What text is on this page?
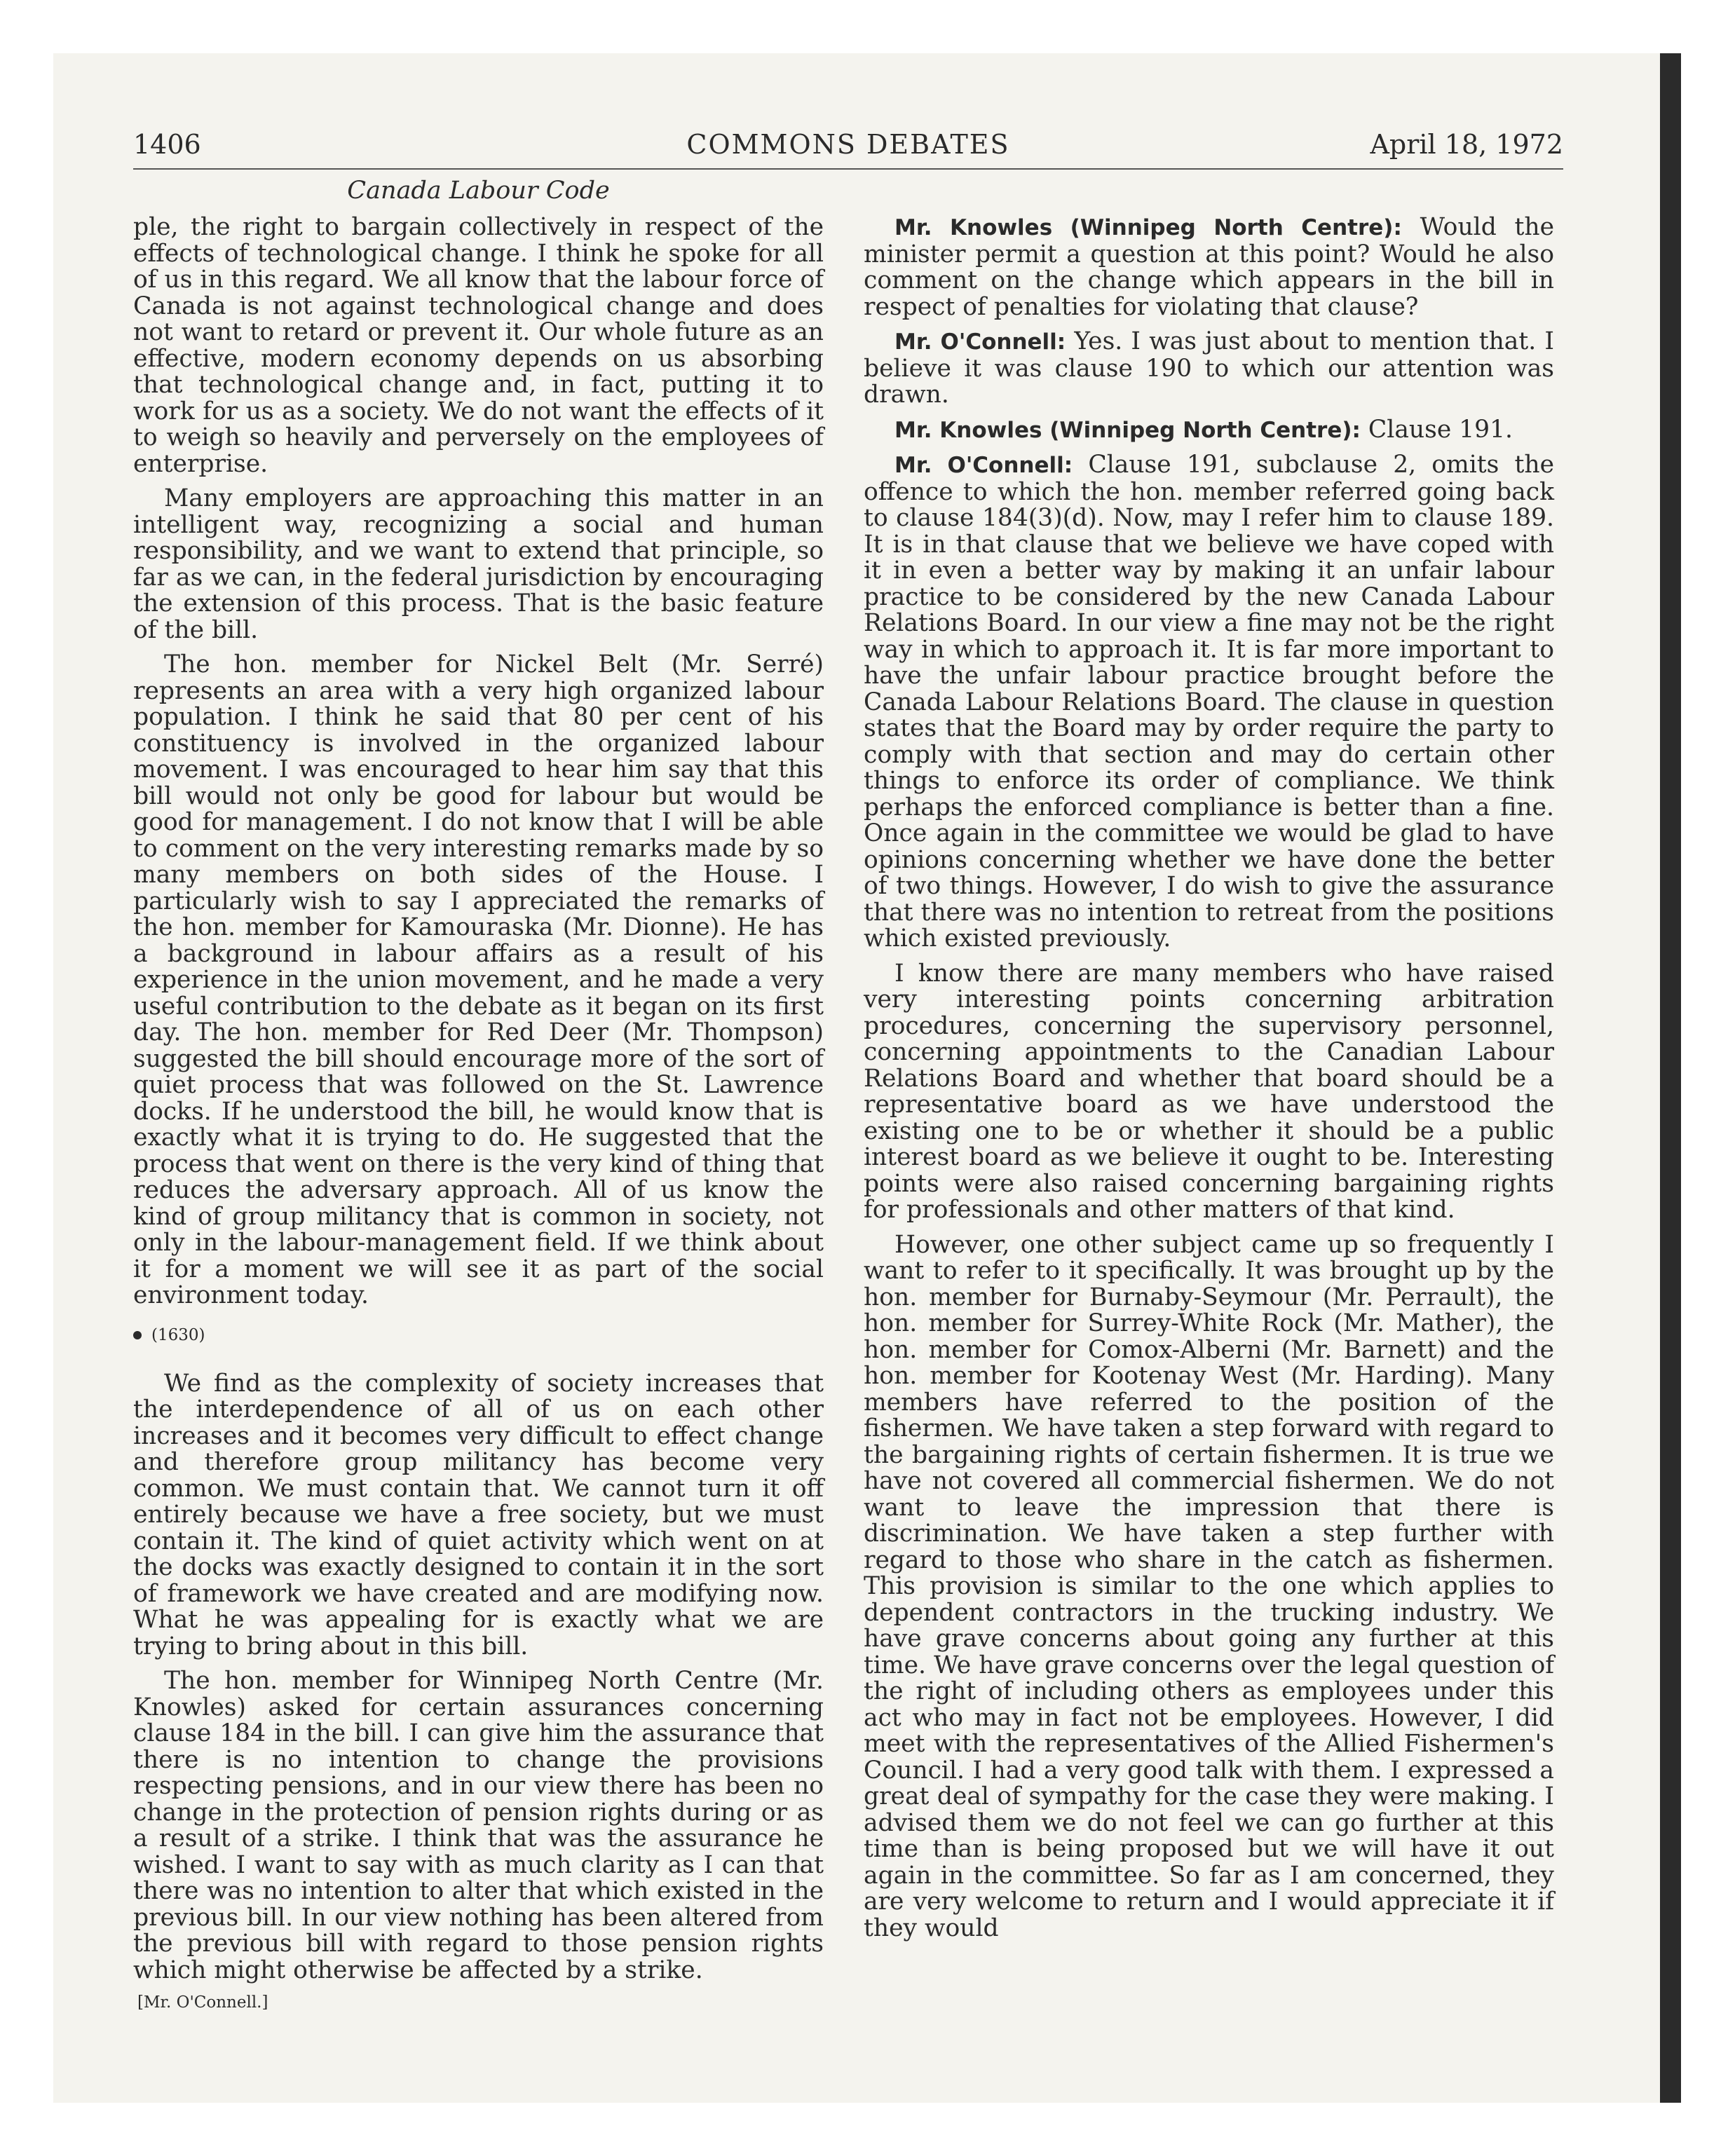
1406	COMMONS DEBATES	April 18, 1972
Canada Labour Code

ple, the right to bargain collectively in respect of the effects of technological change. I think he spoke for all of us in this regard. We all know that the labour force of Canada is not against technological change and does not want to retard or prevent it. Our whole future as an effective, modern economy depends on us absorbing that technological change and, in fact, putting it to work for us as a society. We do not want the effects of it to weigh so heavily and perversely on the employees of enterprise.

Many employers are approaching this matter in an intelligent way, recognizing a social and human responsibility, and we want to extend that principle, so far as we can, in the federal jurisdiction by encouraging the extension of this process. That is the basic feature of the bill.

The hon. member for Nickel Belt (Mr. Serré) represents an area with a very high organized labour population. I think he said that 80 per cent of his constituency is involved in the organized labour movement. I was encouraged to hear him say that this bill would not only be good for labour but would be good for management. I do not know that I will be able to comment on the very interesting remarks made by so many members on both sides of the House. I particularly wish to say I appreciated the remarks of the hon. member for Kamouraska (Mr. Dionne). He has a background in labour affairs as a result of his experience in the union movement, and he made a very useful contribution to the debate as it began on its first day. The hon. member for Red Deer (Mr. Thompson) suggested the bill should encourage more of the sort of quiet process that was followed on the St. Lawrence docks. If he understood the bill, he would know that is exactly what it is trying to do. He suggested that the process that went on there is the very kind of thing that reduces the adversary approach. All of us know the kind of group militancy that is common in society, not only in the labour-management field. If we think about it for a moment we will see it as part of the social environment today.

(1630)

We find as the complexity of society increases that the interdependence of all of us on each other increases and it becomes very difficult to effect change and therefore group militancy has become very common. We must contain that. We cannot turn it off entirely because we have a free society, but we must contain it. The kind of quiet activity which went on at the docks was exactly designed to contain it in the sort of framework we have created and are modifying now. What he was appealing for is exactly what we are trying to bring about in this bill.

The hon. member for Winnipeg North Centre (Mr. Knowles) asked for certain assurances concerning clause 184 in the bill. I can give him the assurance that there is no intention to change the provisions respecting pensions, and in our view there has been no change in the protection of pension rights during or as a result of a strike. I think that was the assurance he wished. I want to say with as much clarity as I can that there was no intention to alter that which existed in the previous bill. In our view nothing has been altered from the previous bill with regard to those pension rights which might otherwise be affected by a strike.

[Mr. O'Connell.]

Mr. Knowles (Winnipeg North Centre): Would the minister permit a question at this point? Would he also comment on the change which appears in the bill in respect of penalties for violating that clause?

Mr. O'Connell: Yes. I was just about to mention that. I believe it was clause 190 to which our attention was drawn.

Mr. Knowles (Winnipeg North Centre): Clause 191.

Mr. O'Connell: Clause 191, subclause 2, omits the offence to which the hon. member referred going back to clause 184(3)(d). Now, may I refer him to clause 189. It is in that clause that we believe we have coped with it in even a better way by making it an unfair labour practice to be considered by the new Canada Labour Relations Board. In our view a fine may not be the right way in which to approach it. It is far more important to have the unfair labour practice brought before the Canada Labour Relations Board. The clause in question states that the Board may by order require the party to comply with that section and may do certain other things to enforce its order of compliance. We think perhaps the enforced compliance is better than a fine. Once again in the committee we would be glad to have opinions concerning whether we have done the better of two things. However, I do wish to give the assurance that there was no intention to retreat from the positions which existed previously.

I know there are many members who have raised very interesting points concerning arbitration procedures, concerning the supervisory personnel, concerning appointments to the Canadian Labour Relations Board and whether that board should be a representative board as we have understood the existing one to be or whether it should be a public interest board as we believe it ought to be. Interesting points were also raised concerning bargaining rights for professionals and other matters of that kind.

However, one other subject came up so frequently I want to refer to it specifically. It was brought up by the hon. member for Burnaby-Seymour (Mr. Perrault), the hon. member for Surrey-White Rock (Mr. Mather), the hon. member for Comox-Alberni (Mr. Barnett) and the hon. member for Kootenay West (Mr. Harding). Many members have referred to the position of the fishermen. We have taken a step forward with regard to the bargaining rights of certain fishermen. It is true we have not covered all commercial fishermen. We do not want to leave the impression that there is discrimination. We have taken a step further with regard to those who share in the catch as fishermen. This provision is similar to the one which applies to dependent contractors in the trucking industry. We have grave concerns about going any further at this time. We have grave concerns over the legal question of the right of including others as employees under this act who may in fact not be employees. However, I did meet with the representatives of the Allied Fishermen's Council. I had a very good talk with them. I expressed a great deal of sympathy for the case they were making. I advised them we do not feel we can go further at this time than is being proposed but we will have it out again in the committee. So far as I am concerned, they are very welcome to return and I would appreciate it if they would
